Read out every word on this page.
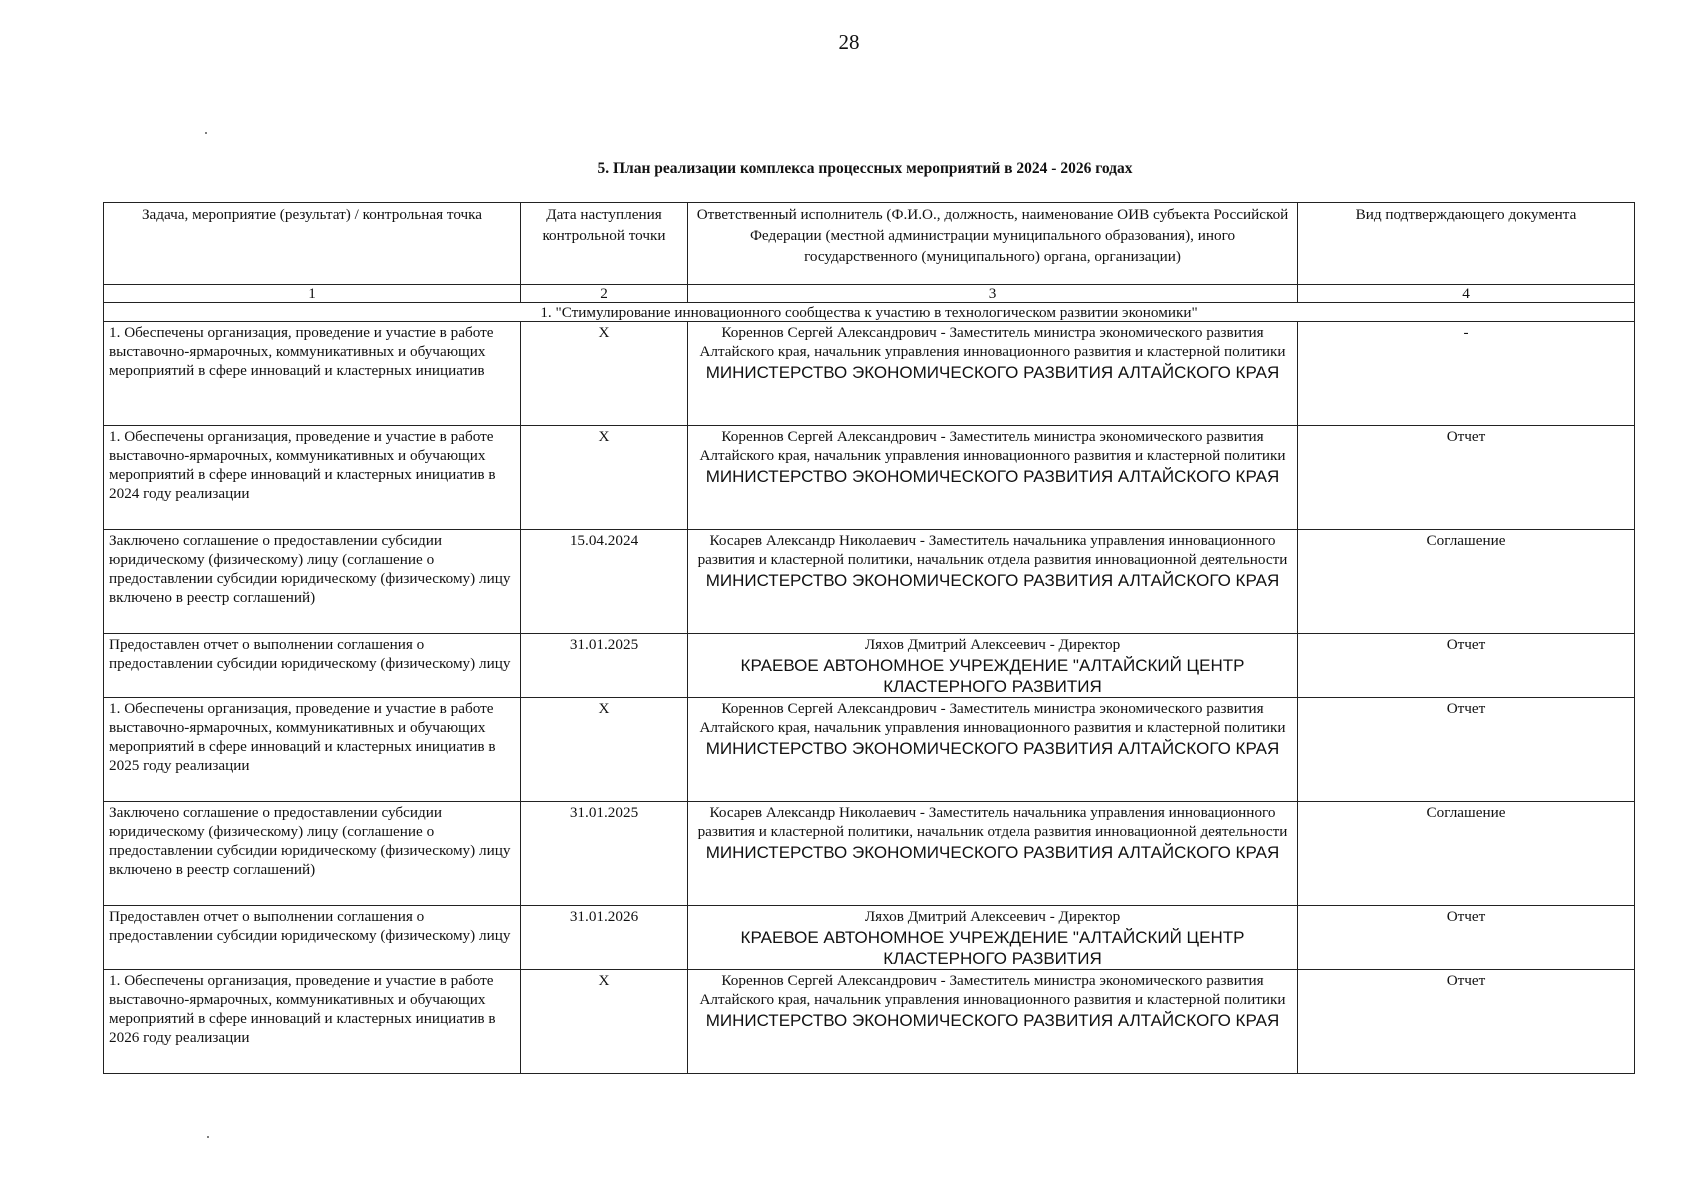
28
5. План реализации комплекса процессных мероприятий в 2024 - 2026 годах
Задача, мероприятие (результат) / контрольная точка	Дата наступления контрольной точки	Ответственный исполнитель (Ф.И.О., должность, наименование ОИВ субъекта Российской Федерации (местной администрации муниципального образования), иного государственного (муниципального) органа, организации)	Вид подтверждающего документа
1	2	3	4
1. "Стимулирование инновационного сообщества к участию в технологическом развитии экономики"			
1. Обеспечены организация, проведение и участие в работе выставочно-ярмарочных, коммуникативных и обучающих мероприятий в сфере инноваций и кластерных инициатив	X	Кореннов Сергей Александрович - Заместитель министра экономического развития Алтайского края, начальник управления инновационного развития и кластерной политики
МИНИСТЕРСТВО ЭКОНОМИЧЕСКОГО РАЗВИТИЯ АЛТАЙСКОГО КРАЯ	-
1. Обеспечены организация, проведение и участие в работе выставочно-ярмарочных, коммуникативных и обучающих мероприятий в сфере инноваций и кластерных инициатив в 2024 году реализации	X	Кореннов Сергей Александрович - Заместитель министра экономического развития Алтайского края, начальник управления инновационного развития и кластерной политики
МИНИСТЕРСТВО ЭКОНОМИЧЕСКОГО РАЗВИТИЯ АЛТАЙСКОГО КРАЯ	Отчет
Заключено соглашение о предоставлении субсидии юридическому (физическому) лицу (соглашение о предоставлении субсидии юридическому (физическому) лицу включено в реестр соглашений)	15.04.2024	Косарев Александр Николаевич - Заместитель начальника управления инновационного развития и кластерной политики, начальник отдела развития инновационной деятельности
МИНИСТЕРСТВО ЭКОНОМИЧЕСКОГО РАЗВИТИЯ АЛТАЙСКОГО КРАЯ	Соглашение
Предоставлен отчет о выполнении соглашения о предоставлении субсидии юридическому (физическому) лицу	31.01.2025	Ляхов Дмитрий Алексеевич - Директор
КРАЕВОЕ АВТОНОМНОЕ УЧРЕЖДЕНИЕ "АЛТАЙСКИЙ ЦЕНТР КЛАСТЕРНОГО РАЗВИТИЯ	Отчет
1. Обеспечены организация, проведение и участие в работе выставочно-ярмарочных, коммуникативных и обучающих мероприятий в сфере инноваций и кластерных инициатив в 2025 году реализации	X	Кореннов Сергей Александрович - Заместитель министра экономического развития Алтайского края, начальник управления инновационного развития и кластерной политики
МИНИСТЕРСТВО ЭКОНОМИЧЕСКОГО РАЗВИТИЯ АЛТАЙСКОГО КРАЯ	Отчет
Заключено соглашение о предоставлении субсидии юридическому (физическому) лицу (соглашение о предоставлении субсидии юридическому (физическому) лицу включено в реестр соглашений)	31.01.2025	Косарев Александр Николаевич - Заместитель начальника управления инновационного развития и кластерной политики, начальник отдела развития инновационной деятельности
МИНИСТЕРСТВО ЭКОНОМИЧЕСКОГО РАЗВИТИЯ АЛТАЙСКОГО КРАЯ	Соглашение
Предоставлен отчет о выполнении соглашения о предоставлении субсидии юридическому (физическому) лицу	31.01.2026	Ляхов Дмитрий Алексеевич - Директор
КРАЕВОЕ АВТОНОМНОЕ УЧРЕЖДЕНИЕ "АЛТАЙСКИЙ ЦЕНТР КЛАСТЕРНОГО РАЗВИТИЯ	Отчет
1. Обеспечены организация, проведение и участие в работе выставочно-ярмарочных, коммуникативных и обучающих мероприятий в сфере инноваций и кластерных инициатив в 2026 году реализации	X	Кореннов Сергей Александрович - Заместитель министра экономического развития Алтайского края, начальник управления инновационного развития и кластерной политики
МИНИСТЕРСТВО ЭКОНОМИЧЕСКОГО РАЗВИТИЯ АЛТАЙСКОГО КРАЯ	Отчет
